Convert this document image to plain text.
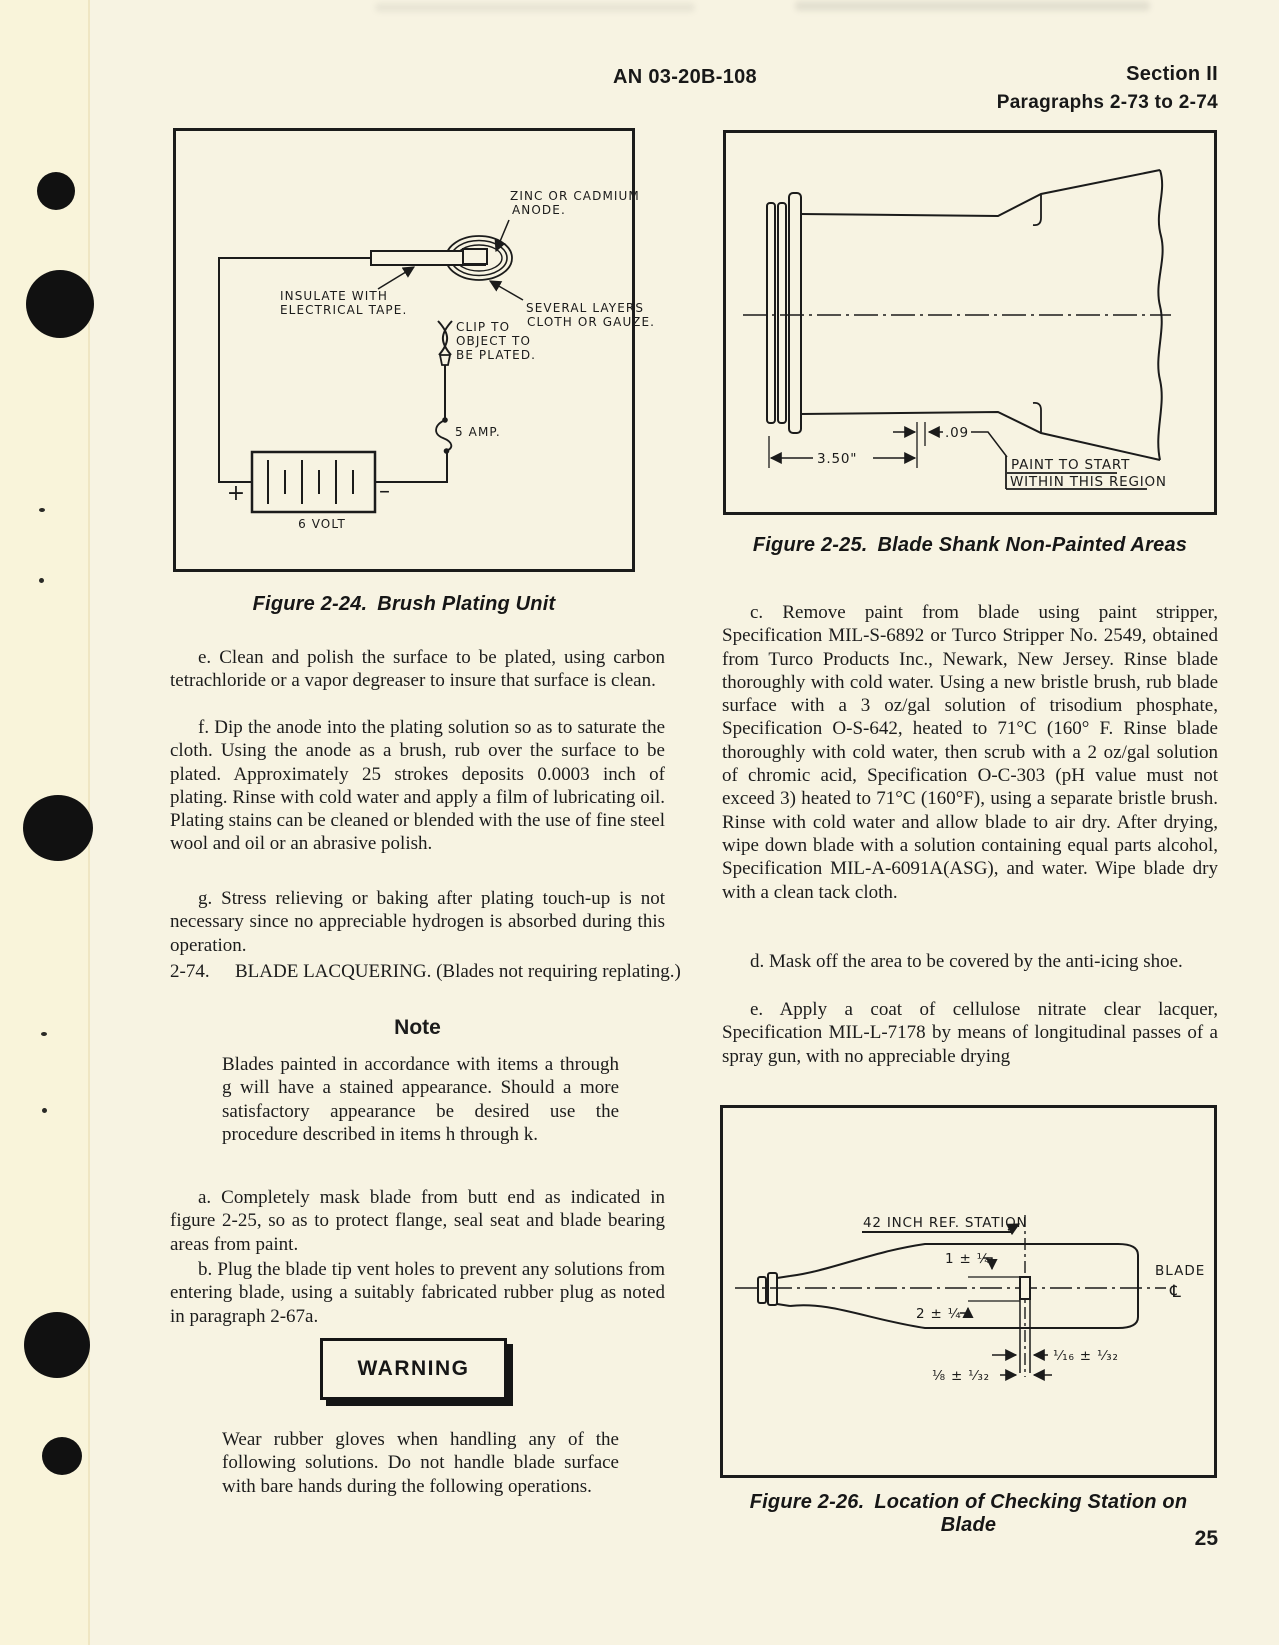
AN 03-20B-108	Section II
Paragraphs 2-73 to 2-74
5 AMP.
CLIP TO
OBJECT TO
BE PLATED.
ZINC OR CADMIUM
ANODE.
INSULATE WITH
ELECTRICAL TAPE.	SEVERAL LAYERS
CLOTH OR GAUZE.
+	–
6 VOLT
Figure 2-24. Brush Plating Unit
3.50"
.09
PAINT TO START
WITHIN THIS REGION
Figure 2-25. Blade Shank Non-Painted Areas
e. Clean and polish the surface to be plated, using carbon tetrachloride or a vapor degreaser to insure that surface is clean.
f. Dip the anode into the plating solution so as to saturate the cloth. Using the anode as a brush, rub over the surface to be plated. Approximately 25 strokes deposits 0.0003 inch of plating. Rinse with cold water and apply a film of lubricating oil. Plating stains can be cleaned or blended with the use of fine steel wool and oil or an abrasive polish.
g. Stress relieving or baking after plating touch-up is not necessary since no appreciable hydrogen is absorbed during this operation.
2-74. BLADE LACQUERING. (Blades not requiring replating.)
Note
Blades painted in accordance with items a through g will have a stained appearance. Should a more satisfactory appearance be desired use the procedure described in items h through k.
a. Completely mask blade from butt end as indicated in figure 2-25, so as to protect flange, seal seat and blade bearing areas from paint.
b. Plug the blade tip vent holes to prevent any solutions from entering blade, using a suitably fabricated rubber plug as noted in paragraph 2-67a.
WARNING
Wear rubber gloves when handling any of the following solutions. Do not handle blade surface with bare hands during the following operations.
c. Remove paint from blade using paint stripper, Specification MIL-S-6892 or Turco Stripper No. 2549, obtained from Turco Products Inc., Newark, New Jersey. Rinse blade thoroughly with cold water. Using a new bristle brush, rub blade surface with a 3 oz/gal solution of trisodium phosphate, Specification O-S-642, heated to 71°C (160° F. Rinse blade thoroughly with cold water, then scrub with a 2 oz/gal solution of chromic acid, Specification O-C-303 (pH value must not exceed 3) heated to 71°C (160°F), using a separate bristle brush. Rinse with cold water and allow blade to air dry. After drying, wipe down blade with a solution containing equal parts alcohol, Specification MIL-A-6091A(ASG), and water. Wipe blade dry with a clean tack cloth.
d. Mask off the area to be covered by the anti-icing shoe.
e. Apply a coat of cellulose nitrate clear lacquer, Specification MIL-L-7178 by means of longitudinal passes of a spray gun, with no appreciable drying
42 INCH REF. STATION
1 ± ¼
2 ± ¼
¹⁄₁₆ ± ¹⁄₃₂
⅛ ± ¹⁄₃₂
BLADE
℄
Figure 2-26. Location of Checking Station on Blade
25
